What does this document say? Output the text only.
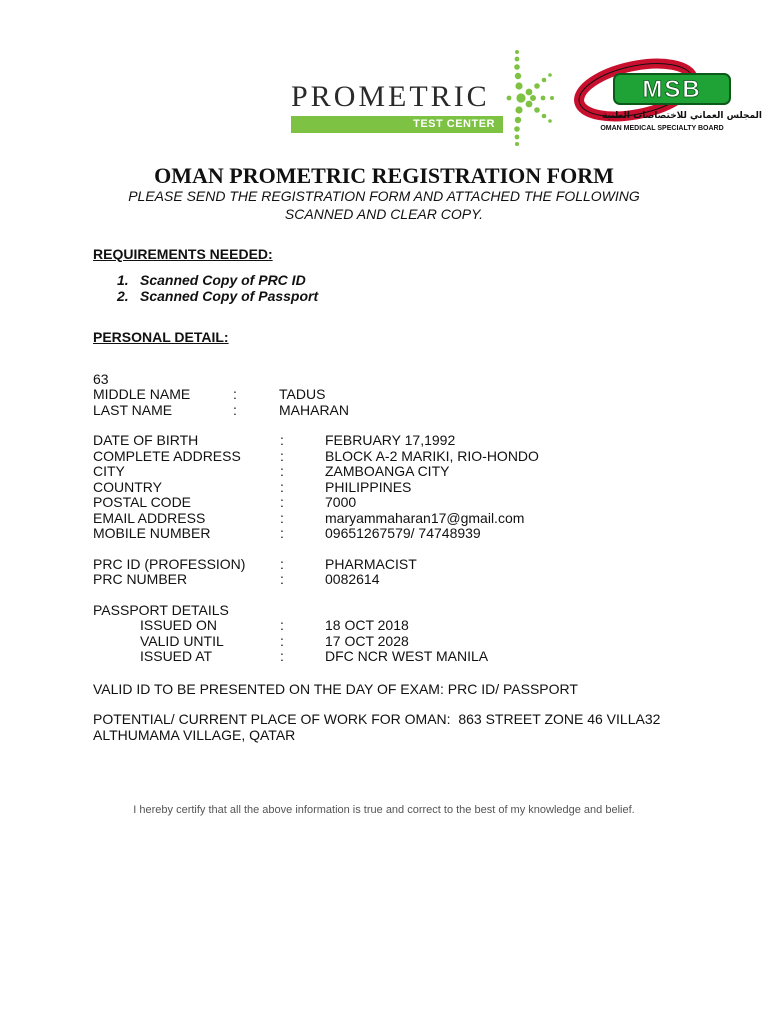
PROMETRIC
TEST CENTER
MSB
المجلس العماني للاختصاصات الطبية
OMAN MEDICAL SPECIALTY BOARD
OMAN PROMETRIC REGISTRATION FORM
PLEASE SEND THE REGISTRATION FORM AND ATTACHED THE FOLLOWING
SCANNED AND CLEAR COPY.
REQUIREMENTS NEEDED:
1. Scanned Copy of PRC ID
2. Scanned Copy of Passport
PERSONAL DETAIL:
63
MIDDLE NAME	:	TADUS
LAST NAME	:	MAHARAN
DATE OF BIRTH	:	FEBRUARY 17,1992
COMPLETE ADDRESS	:	BLOCK A-2 MARIKI, RIO-HONDO
CITY	:	ZAMBOANGA CITY
COUNTRY	:	PHILIPPINES
POSTAL CODE	:	7000
EMAIL ADDRESS	:	maryammaharan17@gmail.com
MOBILE NUMBER	:	09651267579/ 74748939
PRC ID (PROFESSION) :	PHARMACIST
PRC NUMBER	:	0082614
PASSPORT DETAILS
ISSUED ON	:	18 OCT 2018
VALID UNTIL	:	17 OCT 2028
ISSUED AT	:	DFC NCR WEST MANILA
VALID ID TO BE PRESENTED ON THE DAY OF EXAM: PRC ID/ PASSPORT
POTENTIAL/ CURRENT PLACE OF WORK FOR OMAN:  863 STREET ZONE 46 VILLA32
ALTHUMAMA VILLAGE, QATAR
I hereby certify that all the above information is true and correct to the best of my knowledge and belief.
